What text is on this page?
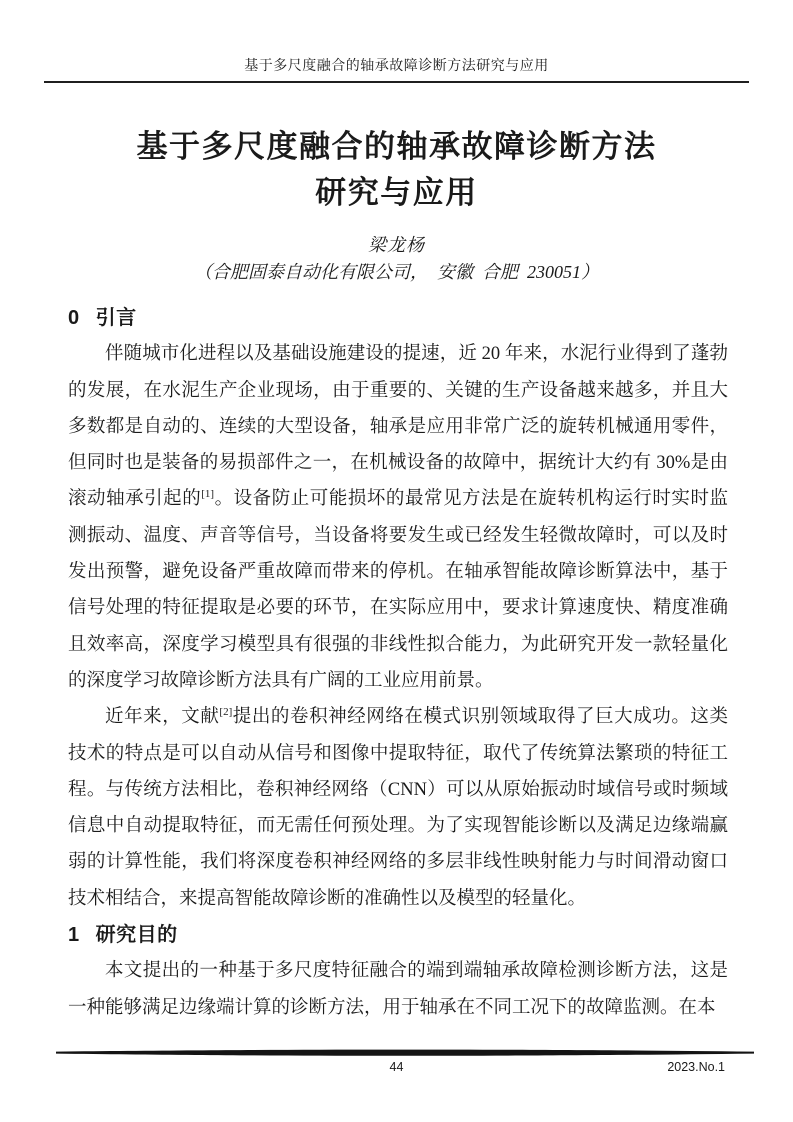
基于多尺度融合的轴承故障诊断方法研究与应用
基于多尺度融合的轴承故障诊断方法
研究与应用
梁龙杨
（合肥固泰自动化有限公司，  安徽  合肥  230051）
0 引言

伴随城市化进程以及基础设施建设的提速，近 20 年来，水泥行业得到了蓬勃的发展，在水泥生产企业现场，由于重要的、关键的生产设备越来越多，并且大多数都是自动的、连续的大型设备，轴承是应用非常广泛的旋转机械通用零件，但同时也是装备的易损部件之一，在机械设备的故障中，据统计大约有 30%是由滚动轴承引起的[1]。设备防止可能损坏的最常见方法是在旋转机构运行时实时监测振动、温度、声音等信号，当设备将要发生或已经发生轻微故障时，可以及时发出预警，避免设备严重故障而带来的停机。在轴承智能故障诊断算法中，基于信号处理的特征提取是必要的环节，在实际应用中，要求计算速度快、精度准确且效率高，深度学习模型具有很强的非线性拟合能力，为此研究开发一款轻量化的深度学习故障诊断方法具有广阔的工业应用前景。

近年来，文献[2]提出的卷积神经网络在模式识别领域取得了巨大成功。这类技术的特点是可以自动从信号和图像中提取特征，取代了传统算法繁琐的特征工程。与传统方法相比，卷积神经网络（CNN）可以从原始振动时域信号或时频域信息中自动提取特征，而无需任何预处理。为了实现智能诊断以及满足边缘端赢弱的计算性能，我们将深度卷积神经网络的多层非线性映射能力与时间滑动窗口技术相结合，来提高智能故障诊断的准确性以及模型的轻量化。

1 研究目的

本文提出的一种基于多尺度特征融合的端到端轴承故障检测诊断方法，这是一种能够满足边缘端计算的诊断方法，用于轴承在不同工况下的故障监测。在本

44	2023.No.1
